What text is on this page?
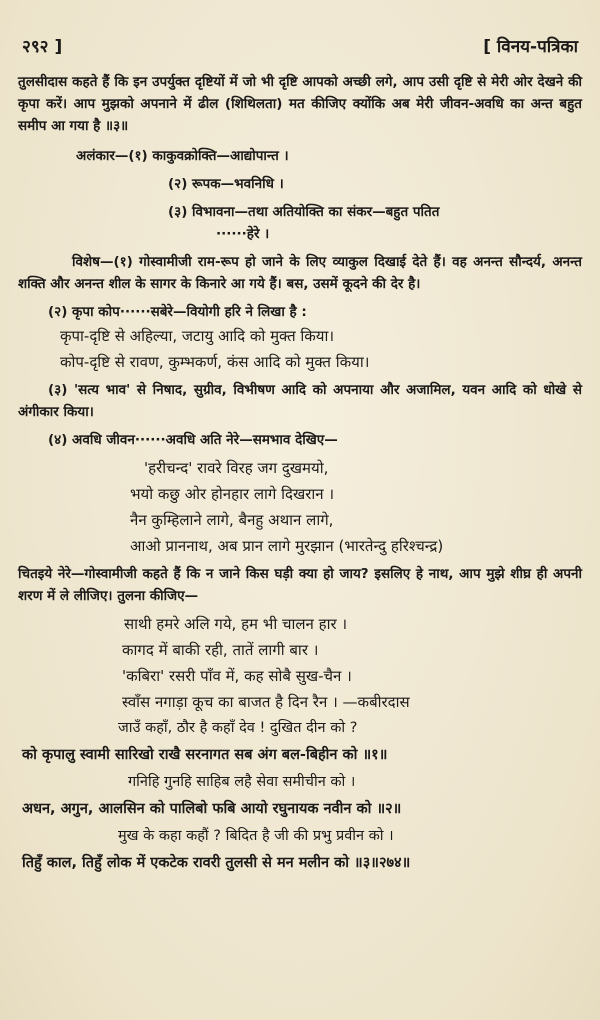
२९२ ]	[ विनय-पत्रिका
तुलसीदास कहते हैं कि इन उपर्युक्त दृष्टियों में जो भी दृष्टि आपको अच्छी लगे, आप उसी दृष्टि से मेरी ओर देखने की कृपा करें। आप मुझको अपनाने में ढील (शिथिलता) मत कीजिए क्योंकि अब मेरी जीवन-अवधि का अन्त बहुत समीप आ गया है ॥३॥
अलंकार—(१) काकुवक्रोक्ति—आद्योपान्त ।
(२) रूपक—भवनिधि ।
(३) विभावना—तथा अतियोक्ति का संकर—बहुत पतित
······हेरे ।
विशेष—(१) गोस्वामीजी राम-रूप हो जाने के लिए व्याकुल दिखाई देते हैं। वह अनन्त सौन्दर्य, अनन्त शक्ति और अनन्त शील के सागर के किनारे आ गये हैं। बस, उसमें कूदने की देर है।
(२) कृपा कोप······सबेरे—वियोगी हरि ने लिखा है :
कृपा-दृष्टि से अहिल्या, जटायु आदि को मुक्त किया।
कोप-दृष्टि से रावण, कुम्भकर्ण, कंस आदि को मुक्त किया।
(३) 'सत्य भाव' से निषाद, सुग्रीव, विभीषण आदि को अपनाया और अजामिल, यवन आदि को धोखे से अंगीकार किया।
(४) अवधि जीवन······अवधि अति नेरे—समभाव देखिए—
'हरीचन्द' रावरे विरह जग दुखमयो,
भयो कछु ओर होनहार लागे दिखरान ।
नैन कुम्हिलाने लागे, बैनहु अथान लागे,
आओ प्राननाथ, अब प्रान लागे मुरझान (भारतेन्दु हरिश्चन्द्र)
चितइये नेरे—गोस्वामीजी कहते हैं कि न जाने किस घड़ी क्या हो जाय? इसलिए हे नाथ, आप मुझे शीघ्र ही अपनी शरण में ले लीजिए। तुलना कीजिए—
साथी हमरे अलि गये, हम भी चालन हार ।
कागद में बाकी रही, तातें लागी बार ।
'कबिरा' रसरी पाँव में, कह सोबै सुख-चैन ।
स्वाँस नगाड़ा कूच का बाजत है दिन रैन । —कबीरदास
जाउँ कहाँ, ठौर है कहाँ देव ! दुखित दीन को ?
को कृपालु स्वामी सारिखो राखै सरनागत सब अंग बल-बिहीन को ॥१॥
गनिहि गुनहि साहिब लहै सेवा समीचीन को ।
अधन, अगुन, आलसिन को पालिबो फबि आयो रघुनायक नवीन को ॥२॥
मुख के कहा कहौं ? बिदित है जी की प्रभु प्रवीन को ।
तिहुँ काल, तिहुँ लोक में एकटेक रावरी तुलसी से मन मलीन को ॥३॥२७४॥
